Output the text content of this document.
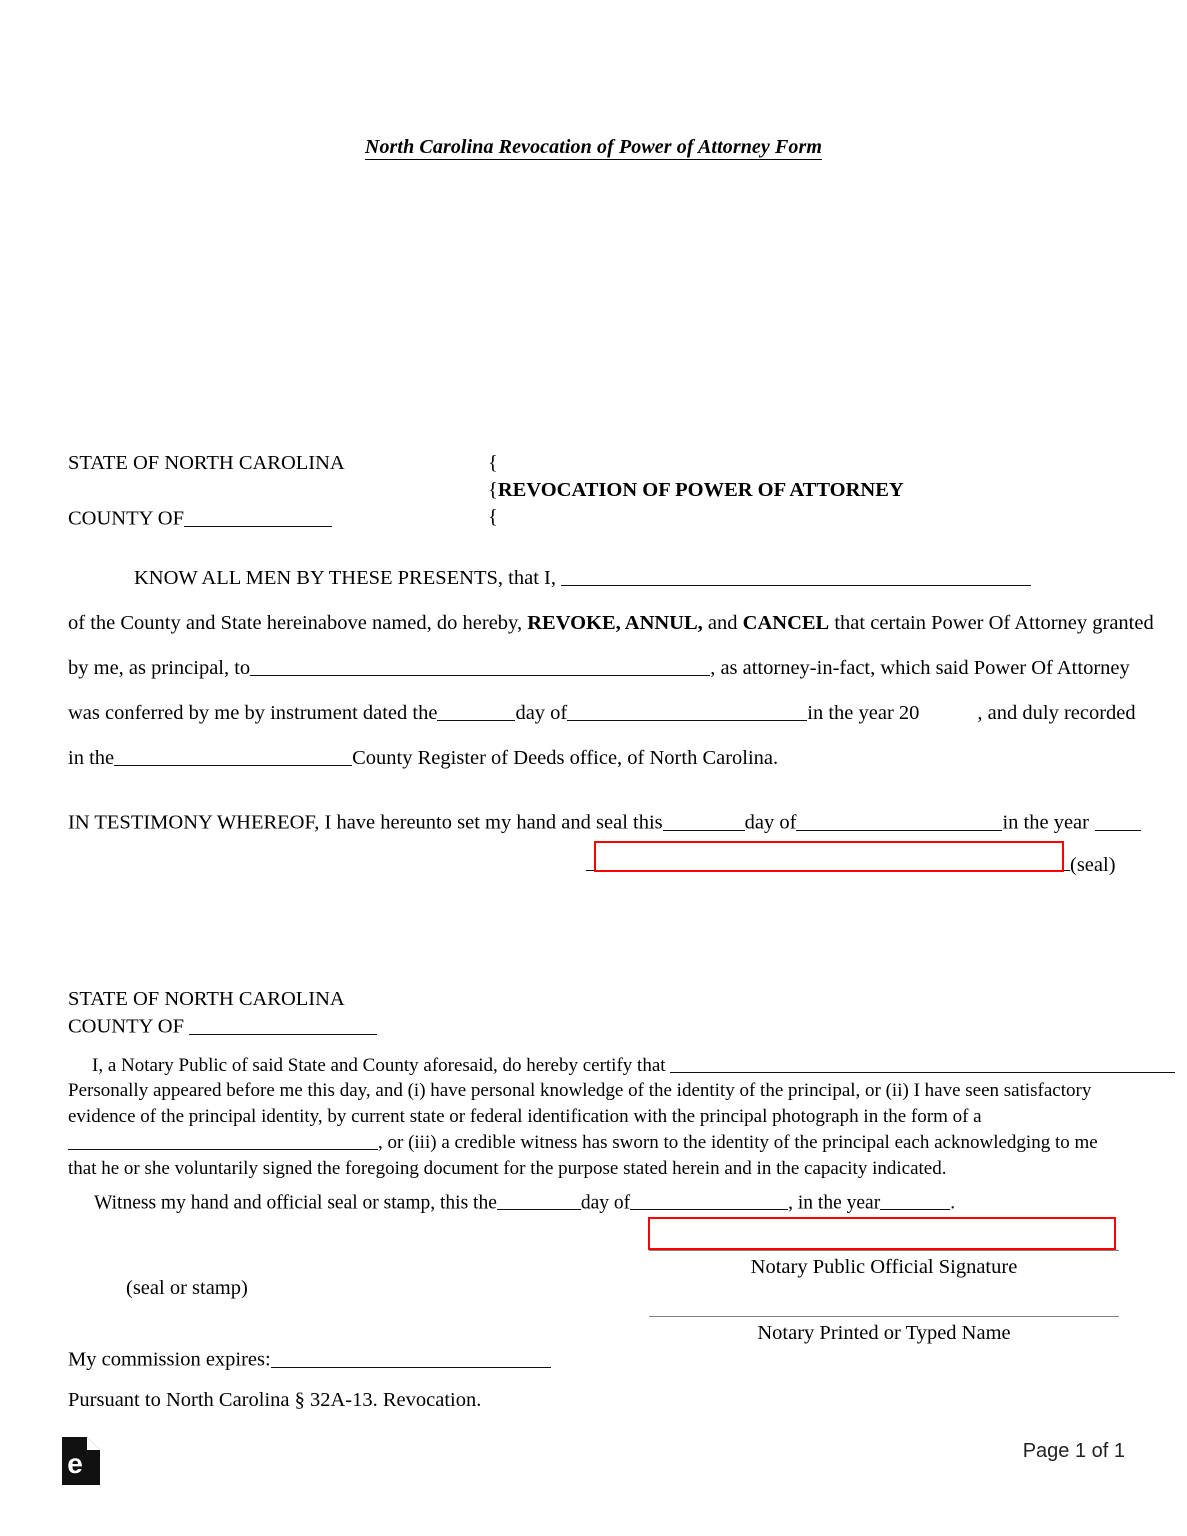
North Carolina Revocation of Power of Attorney Form
STATE OF NORTH CAROLINA	{
{REVOCATION OF POWER OF ATTORNEY
COUNTY OF	{

KNOW ALL MEN BY THESE PRESENTS, that I,

of the County and State hereinabove named, do hereby, REVOKE, ANNUL, and CANCEL that certain Power Of Attorney granted

by me, as principal, to	, as attorney-in-fact, which said Power Of Attorney

was conferred by me by instrument dated the	day of	in the year 20	, and duly recorded

in the	County Register of Deeds office, of North Carolina.

IN TESTIMONY WHEREOF, I have hereunto set my hand and seal this	day of	in the year
(seal)
STATE OF NORTH CAROLINA
COUNTY OF

I, a Notary Public of said State and County aforesaid, do hereby certify that

Personally appeared before me this day, and (i) have personal knowledge of the identity of the principal, or (ii) I have seen satisfactory

evidence of the principal identity, by current state or federal identification with the principal photograph in the form of a

, or (iii) a credible witness has sworn to the identity of the principal each acknowledging to me

that he or she voluntarily signed the foregoing document for the purpose stated herein and in the capacity indicated.

Witness my hand and official seal or stamp, this the	day of	, in the year	.
Notary Public Official Signature
Notary Printed or Typed Name
(seal or stamp)
My commission expires:
Pursuant to North Carolina § 32A-13. Revocation.
e	Page 1 of 1
